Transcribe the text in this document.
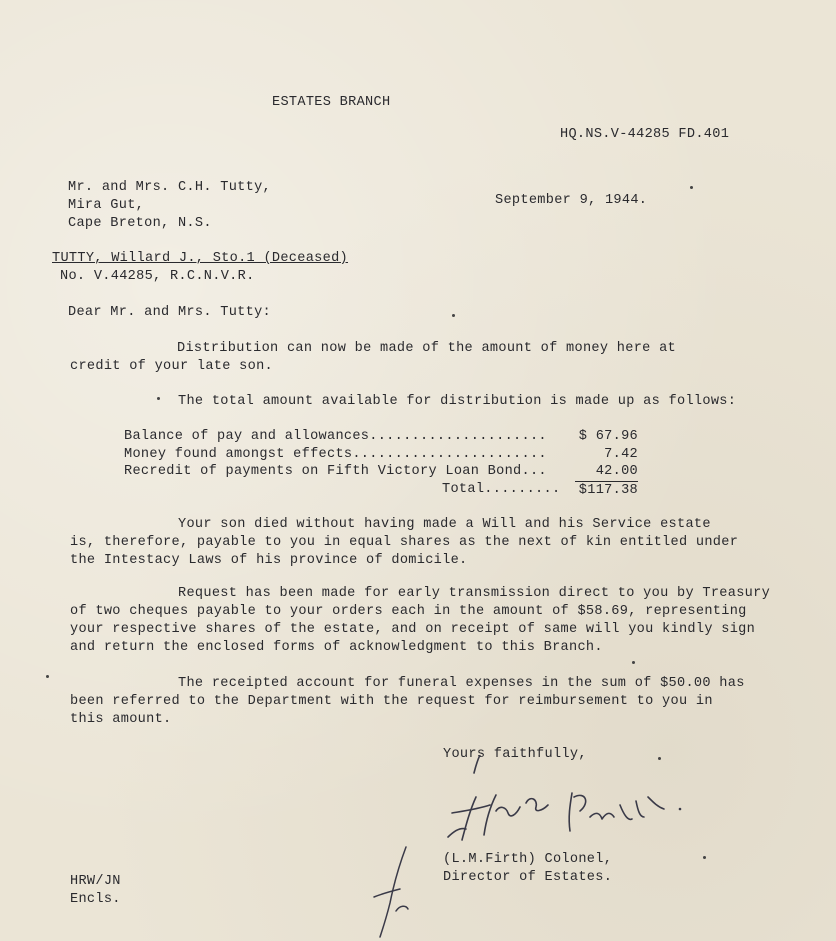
ESTATES BRANCH
HQ.NS.V-44285 FD.401
Mr. and Mrs. C.H. Tutty,
Mira Gut,
Cape Breton, N.S.
September 9, 1944.
TUTTY, Willard J., Sto.1 (Deceased)
No. V.44285, R.C.N.V.R.
Dear Mr. and Mrs. Tutty:
Distribution can now be made of the amount of money here at
credit of your late son.
The total amount available for distribution is made up as follows:
Balance of pay and allowances.....................	$ 67.96
Money found amongst effects.......................	7.42
Recredit of payments on Fifth Victory Loan Bond...	42.00
Total......... $117.38
Your son died without having made a Will and his Service estate
is, therefore, payable to you in equal shares as the next of kin entitled under
the Intestacy Laws of his province of domicile.
Request has been made for early transmission direct to you by Treasury
of two cheques payable to your orders each in the amount of $58.69, representing
your respective shares of the estate, and on receipt of same will you kindly sign
and return the enclosed forms of acknowledgment to this Branch.
The receipted account for funeral expenses in the sum of $50.00 has
been referred to the Department with the request for reimbursement to you in
this amount.
Yours faithfully,
(L.M.Firth) Colonel,
Director of Estates.
HRW/JN
Encls.
